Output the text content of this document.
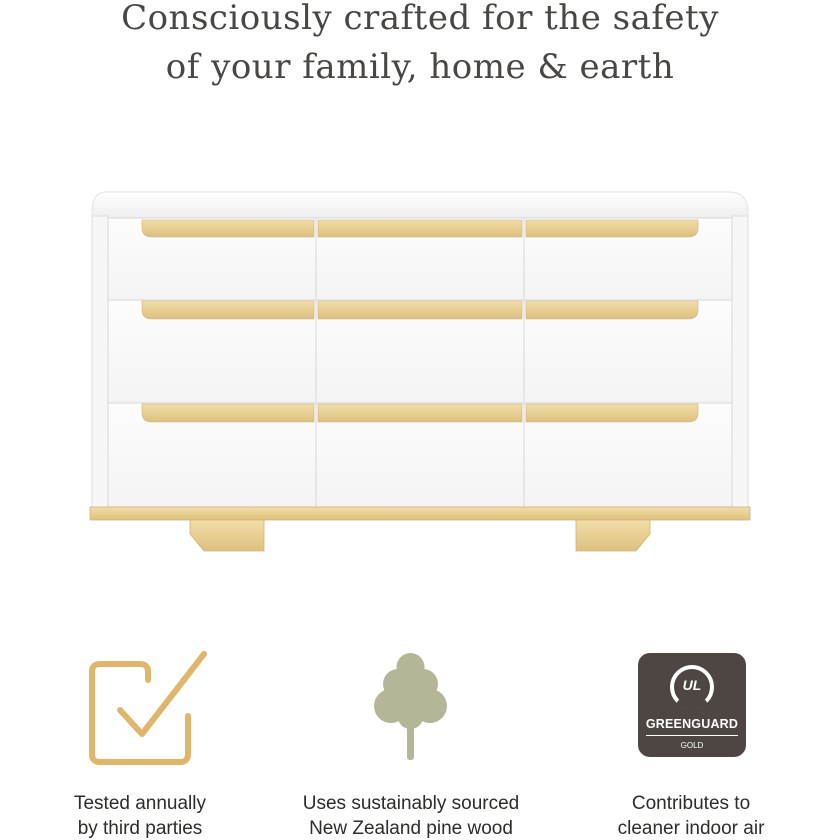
Consciously crafted for the safety
of your family, home & earth
Tested annually
by third parties
Uses sustainably sourced
New Zealand pine wood
UL
GREENGUARD
GOLD
Contributes to
cleaner indoor air
